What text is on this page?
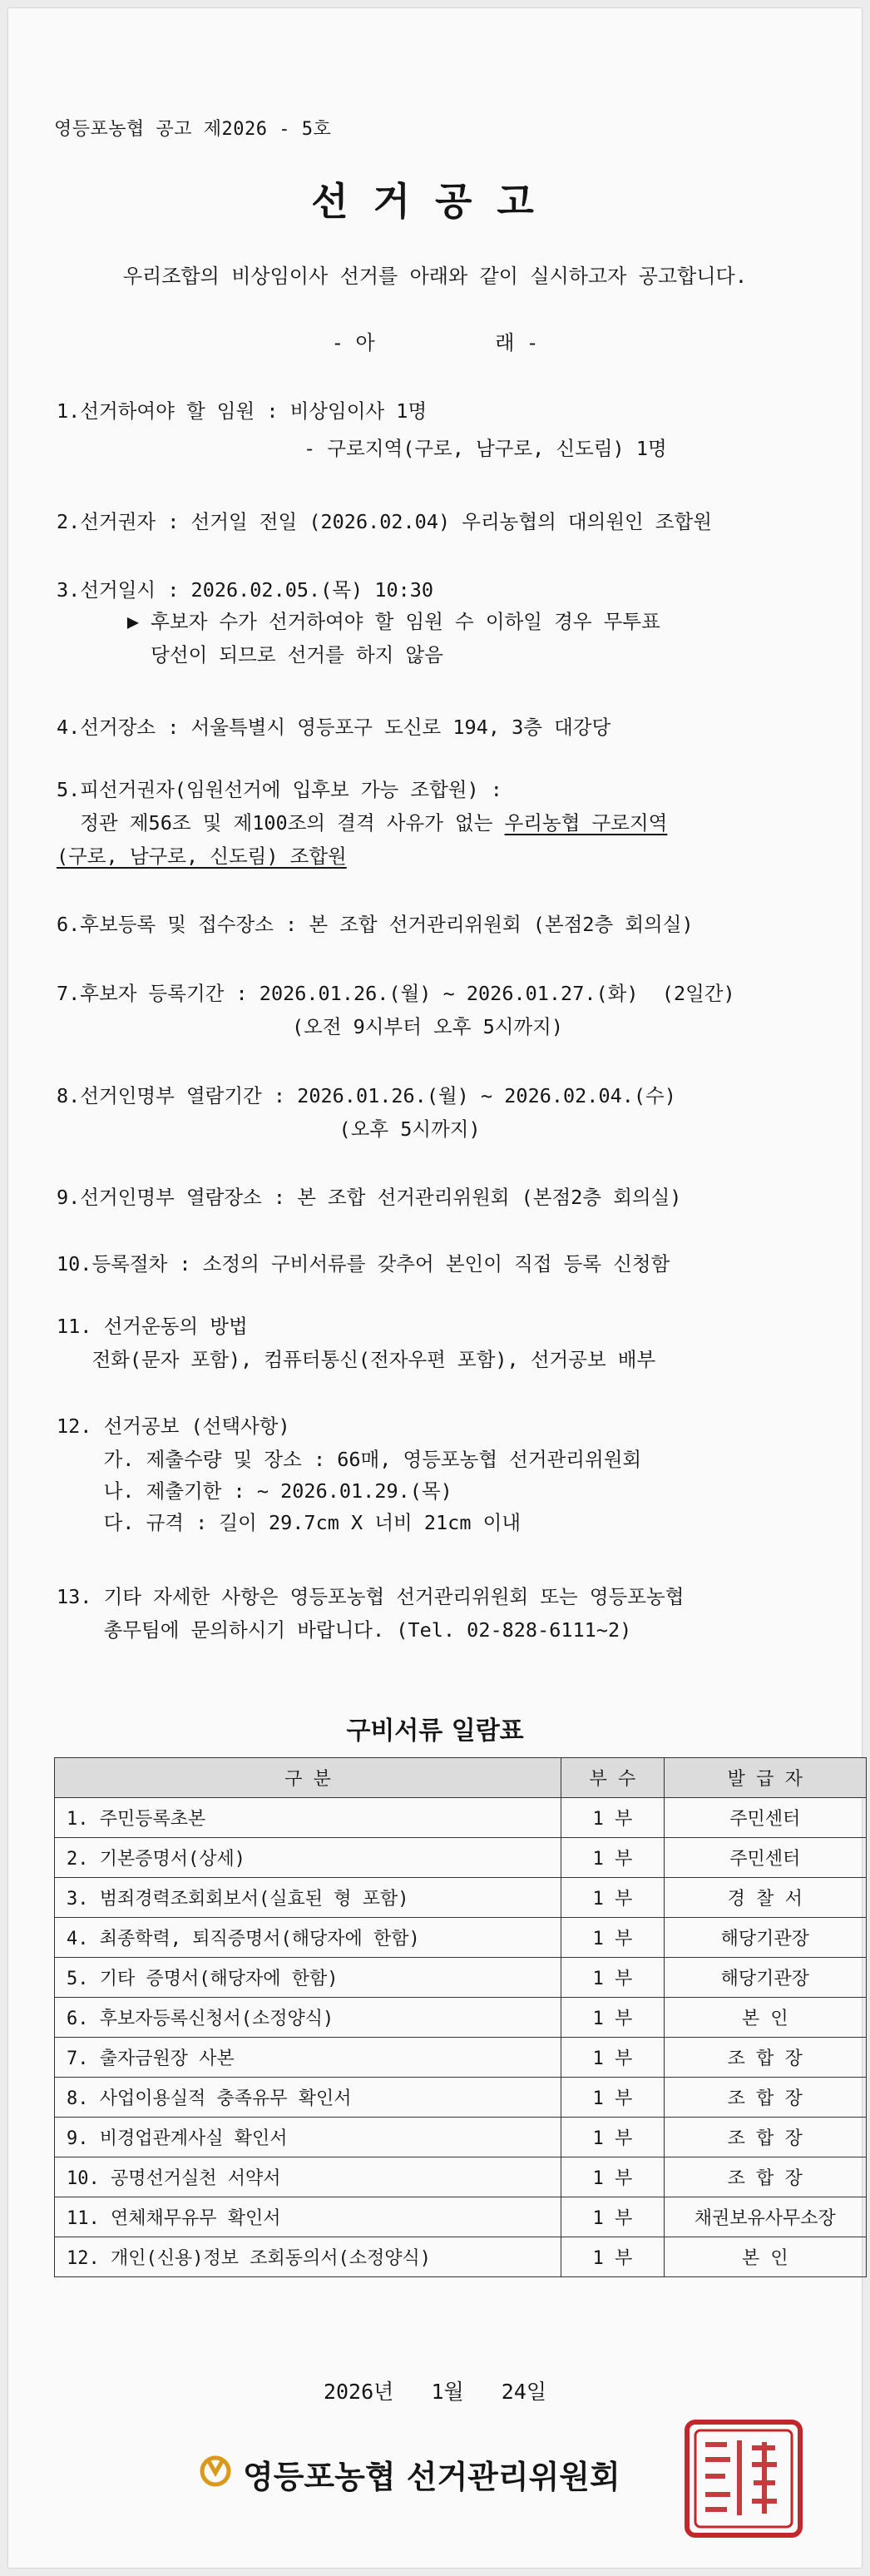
영등포농협 공고 제2026 - 5호
선거공고
우리조합의 비상임이사 선거를 아래와 같이 실시하고자 공고합니다.
- 아          래 -
1.선거하여야 할 임원 : 비상임이사 1명
- 구로지역(구로, 남구로, 신도림) 1명
2.선거권자 : 선거일 전일 (2026.02.04) 우리농협의 대의원인 조합원
3.선거일시 : 2026.02.05.(목) 10:30
▶ 후보자 수가 선거하여야 할 임원 수 이하일 경우 무투표
당선이 되므로 선거를 하지 않음
4.선거장소 : 서울특별시 영등포구 도신로 194, 3층 대강당
5.피선거권자(임원선거에 입후보 가능 조합원) :
정관 제56조 및 제100조의 결격 사유가 없는 우리농협 구로지역
(구로, 남구로, 신도림) 조합원
6.후보등록 및 접수장소 : 본 조합 선거관리위원회 (본점2층 회의실)
7.후보자 등록기간 : 2026.01.26.(월) ~ 2026.01.27.(화)  (2일간)
(오전 9시부터 오후 5시까지)
8.선거인명부 열람기간 : 2026.01.26.(월) ~ 2026.02.04.(수)
(오후 5시까지)
9.선거인명부 열람장소 : 본 조합 선거관리위원회 (본점2층 회의실)
10.등록절차 : 소정의 구비서류를 갖추어 본인이 직접 등록 신청함
11. 선거운동의 방법
전화(문자 포함), 컴퓨터통신(전자우편 포함), 선거공보 배부
12. 선거공보 (선택사항)
가. 제출수량 및 장소 : 66매, 영등포농협 선거관리위원회
나. 제출기한 : ~ 2026.01.29.(목)
다. 규격 : 길이 29.7cm X 너비 21cm 이내
13. 기타 자세한 사항은 영등포농협 선거관리위원회 또는 영등포농협
총무팀에 문의하시기 바랍니다. (Tel. 02-828-6111~2)
구비서류 일람표
구 분	부 수	발 급 자
1. 주민등록초본	1 부	주민센터
2. 기본증명서(상세)	1 부	주민센터
3. 범죄경력조회회보서(실효된 형 포함)	1 부	경 찰 서
4. 최종학력, 퇴직증명서(해당자에 한함)	1 부	해당기관장
5. 기타 증명서(해당자에 한함)	1 부	해당기관장
6. 후보자등록신청서(소정양식)	1 부	본 인
7. 출자금원장 사본	1 부	조 합 장
8. 사업이용실적 충족유무 확인서	1 부	조 합 장
9. 비경업관계사실 확인서	1 부	조 합 장
10. 공명선거실천 서약서	1 부	조 합 장
11. 연체채무유무 확인서	1 부	채권보유사무소장
12. 개인(신용)정보 조회동의서(소정양식)	1 부	본 인
2026년   1월   24일
영등포농협 선거관리위원회
